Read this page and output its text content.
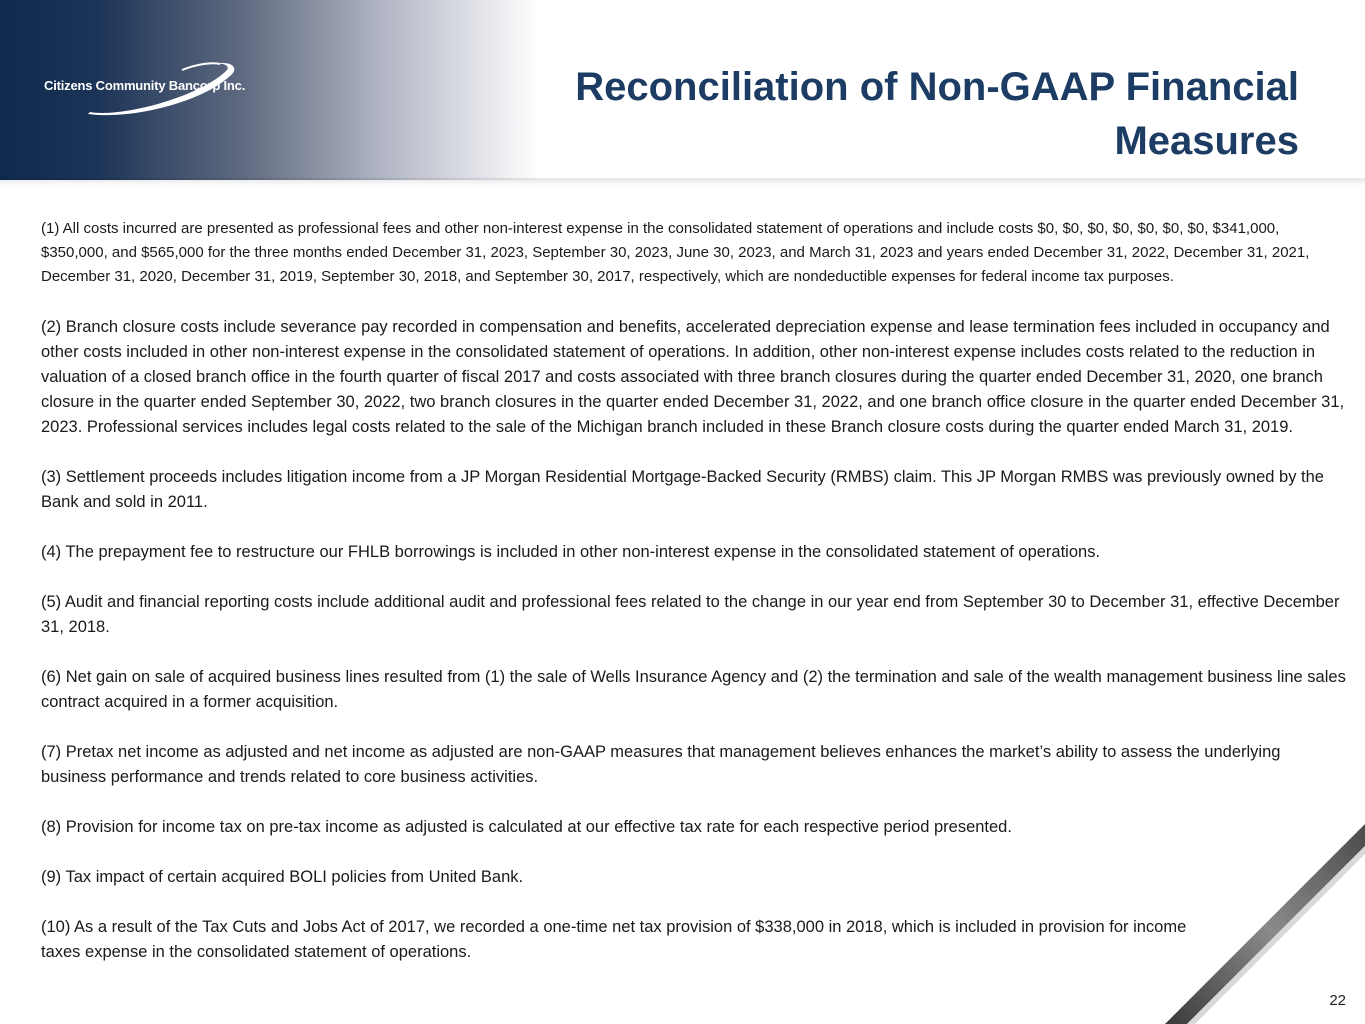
Citizens Community Bancorp Inc.	Reconciliation of Non-GAAP Financial Measures

(1) All costs incurred are presented as professional fees and other non-interest expense in the consolidated statement of operations and include costs $0, $0, $0, $0, $0, $0, $0, $341,000, $350,000, and $565,000 for the three months ended December 31, 2023, September 30, 2023, June 30, 2023, and March 31, 2023 and years ended December 31, 2022, December 31, 2021, December 31, 2020, December 31, 2019, September 30, 2018, and September 30, 2017, respectively, which are nondeductible expenses for federal income tax purposes.

(2) Branch closure costs include severance pay recorded in compensation and benefits, accelerated depreciation expense and lease termination fees included in occupancy and other costs included in other non-interest expense in the consolidated statement of operations. In addition, other non-interest expense includes costs related to the reduction in valuation of a closed branch office in the fourth quarter of fiscal 2017 and costs associated with three branch closures during the quarter ended December 31, 2020, one branch closure in the quarter ended September 30, 2022, two branch closures in the quarter ended December 31, 2022, and one branch office closure in the quarter ended December 31, 2023. Professional services includes legal costs related to the sale of the Michigan branch included in these Branch closure costs during the quarter ended March 31, 2019.

(3) Settlement proceeds includes litigation income from a JP Morgan Residential Mortgage-Backed Security (RMBS) claim. This JP Morgan RMBS was previously owned by the Bank and sold in 2011.

(4) The prepayment fee to restructure our FHLB borrowings is included in other non-interest expense in the consolidated statement of operations.

(5) Audit and financial reporting costs include additional audit and professional fees related to the change in our year end from September 30 to December 31, effective December 31, 2018.

(6) Net gain on sale of acquired business lines resulted from (1) the sale of Wells Insurance Agency and (2) the termination and sale of the wealth management business line sales contract acquired in a former acquisition.

(7) Pretax net income as adjusted and net income as adjusted are non-GAAP measures that management believes enhances the market’s ability to assess the underlying business performance and trends related to core business activities.

(8) Provision for income tax on pre-tax income as adjusted is calculated at our effective tax rate for each respective period presented.

(9) Tax impact of certain acquired BOLI policies from United Bank.

(10) As a result of the Tax Cuts and Jobs Act of 2017, we recorded a one-time net tax provision of $338,000 in 2018, which is included in provision for income taxes expense in the consolidated statement of operations.

22
